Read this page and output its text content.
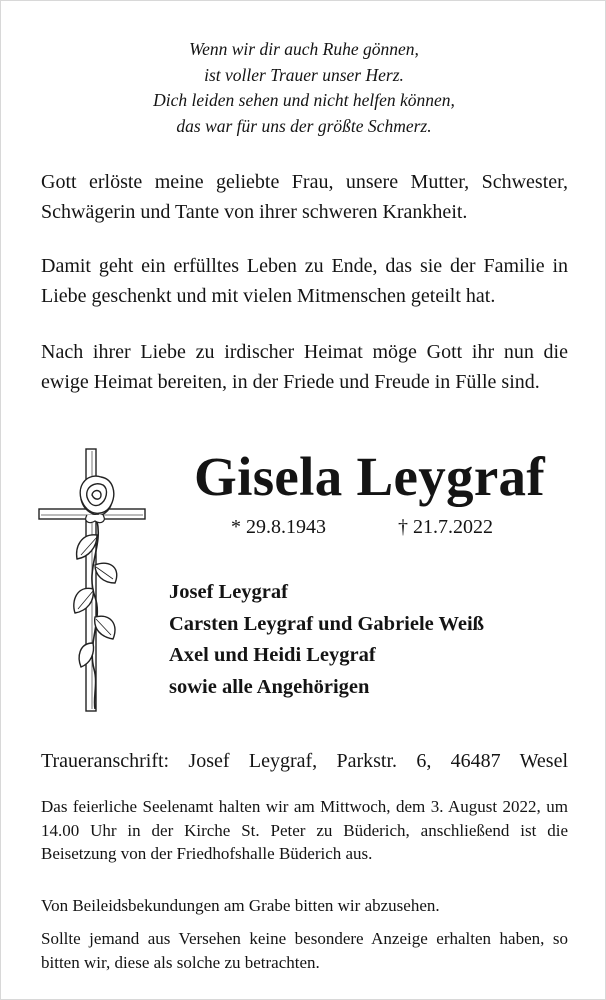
Wenn wir dir auch Ruhe gönnen,
ist voller Trauer unser Herz.
Dich leiden sehen und nicht helfen können,
das war für uns der größte Schmerz.

Gott erlöste meine geliebte Frau, unsere Mutter, Schwester, Schwägerin und Tante von ihrer schweren Krankheit.

Damit geht ein erfülltes Leben zu Ende, das sie der Familie in Liebe geschenkt und mit vielen Mitmenschen geteilt hat.

Nach ihrer Liebe zu irdischer Heimat möge Gott ihr nun die ewige Heimat bereiten, in der Friede und Freude in Fülle sind.

Gisela Leygraf
* 29.8.1943	† 21.7.2022
Josef Leygraf
Carsten Leygraf und Gabriele Weiß
Axel und Heidi Leygraf
sowie alle Angehörigen
Traueranschrift: Josef Leygraf, Parkstr. 6, 46487 Wesel

Das feierliche Seelenamt halten wir am Mittwoch, dem 3. August 2022, um 14.00 Uhr in der Kirche St. Peter zu Büderich, anschließend ist die Beisetzung von der Friedhofshalle Büderich aus.

Von Beileidsbekundungen am Grabe bitten wir abzusehen.

Sollte jemand aus Versehen keine besondere Anzeige erhalten haben, so bitten wir, diese als solche zu betrachten.
